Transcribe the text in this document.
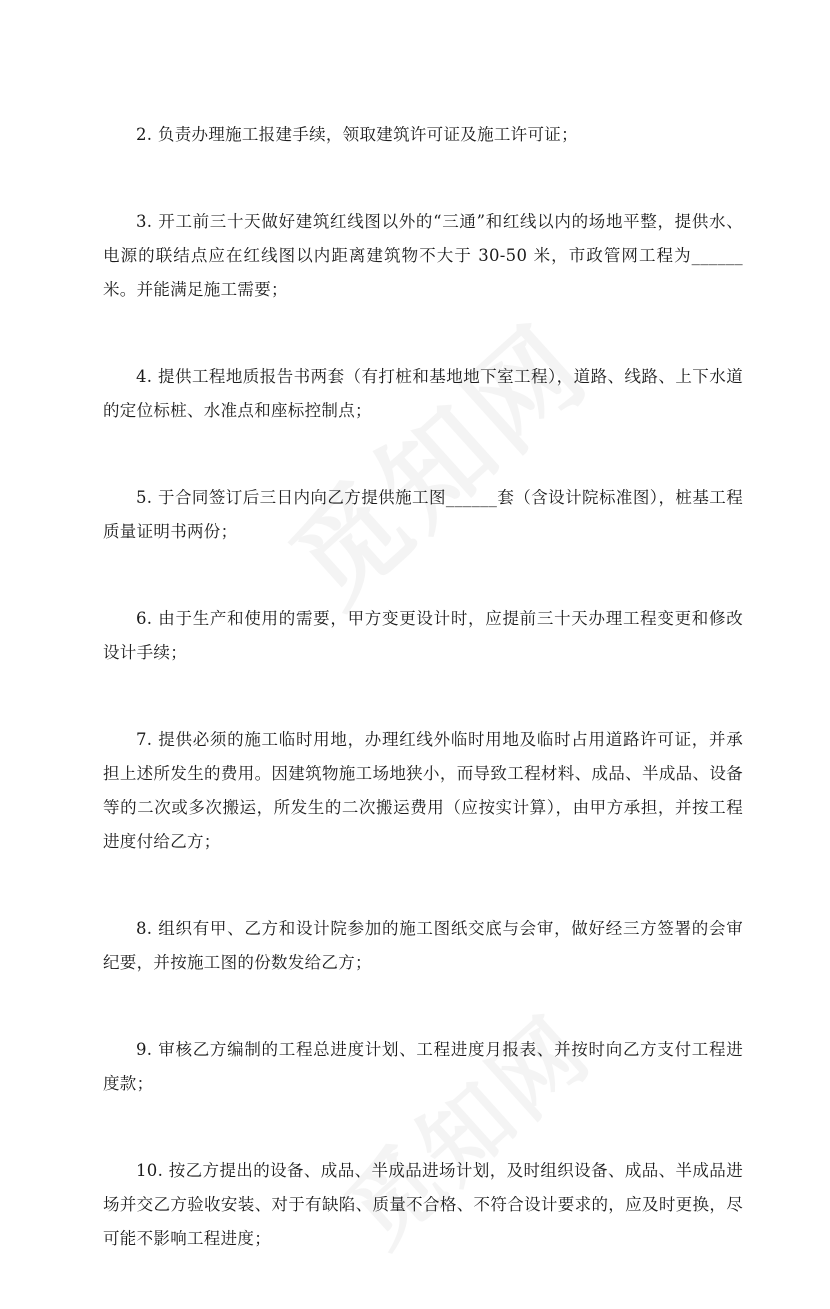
2. 负责办理施工报建手续，领取建筑许可证及施工许可证；

3. 开工前三十天做好建筑红线图以外的“三通”和红线以内的场地平整，提供水、电源的联结点应在红线图以内距离建筑物不大于 30-50 米，市政管网工程为______米。并能满足施工需要；

4. 提供工程地质报告书两套（有打桩和基地地下室工程），道路、线路、上下水道的定位标桩、水准点和座标控制点；

5. 于合同签订后三日内向乙方提供施工图______套（含设计院标准图），桩基工程质量证明书两份；

6. 由于生产和使用的需要，甲方变更设计时，应提前三十天办理工程变更和修改设计手续；

7. 提供必须的施工临时用地，办理红线外临时用地及临时占用道路许可证，并承担上述所发生的费用。因建筑物施工场地狭小，而导致工程材料、成品、半成品、设备等的二次或多次搬运，所发生的二次搬运费用（应按实计算），由甲方承担，并按工程进度付给乙方；

8. 组织有甲、乙方和设计院参加的施工图纸交底与会审，做好经三方签署的会审纪要，并按施工图的份数发给乙方；

9. 审核乙方编制的工程总进度计划、工程进度月报表、并按时向乙方支付工程进度款；

10. 按乙方提出的设备、成品、半成品进场计划，及时组织设备、成品、半成品进场并交乙方验收安装、对于有缺陷、质量不合格、不符合设计要求的，应及时更换，尽可能不影响工程进度；
